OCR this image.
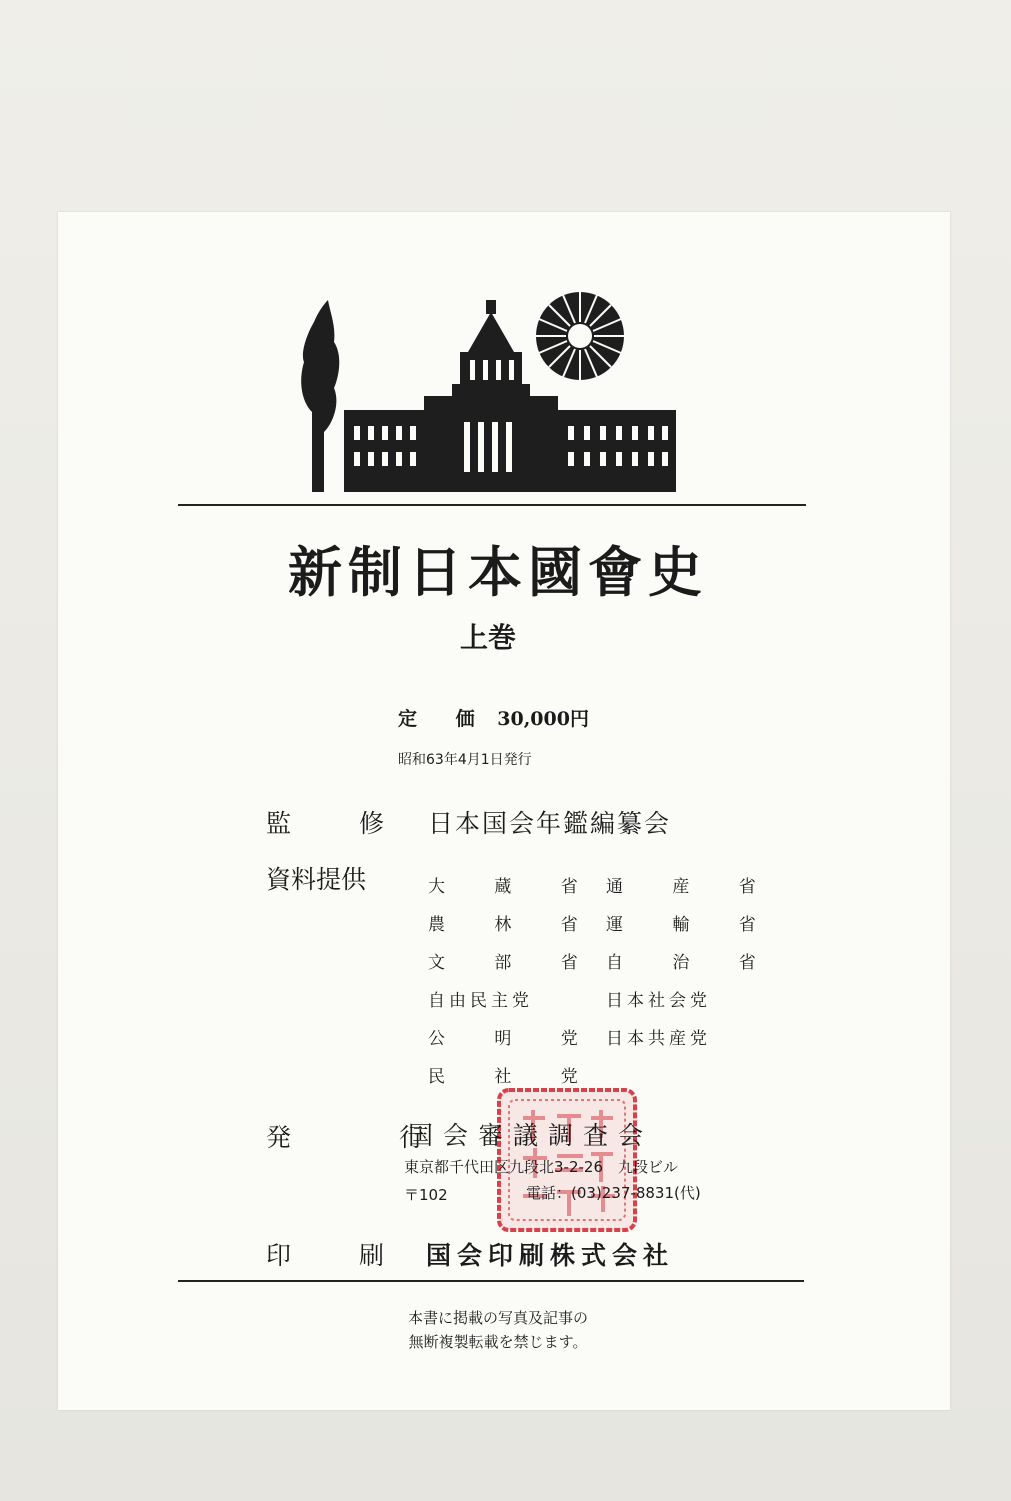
新制日本國會史
上巻
定 価 30,000円
昭和63年4月1日発行
監 修 日本国会年鑑編纂会
資料提供	大 蔵 省
農 林 省
文 部 省
自由民主党
公 明 党
民 社 党
通 産 省
運 輸 省
自 治 省
日本社会党
日本共産党
発 行
国会審議調査会
東京都千代田区九段北3-2-26　九段ビル
〒102	電話：(03)237-8831(代)
印 刷 国会印刷株式会社
本書に掲載の写真及記事の
無断複製転載を禁じます。
